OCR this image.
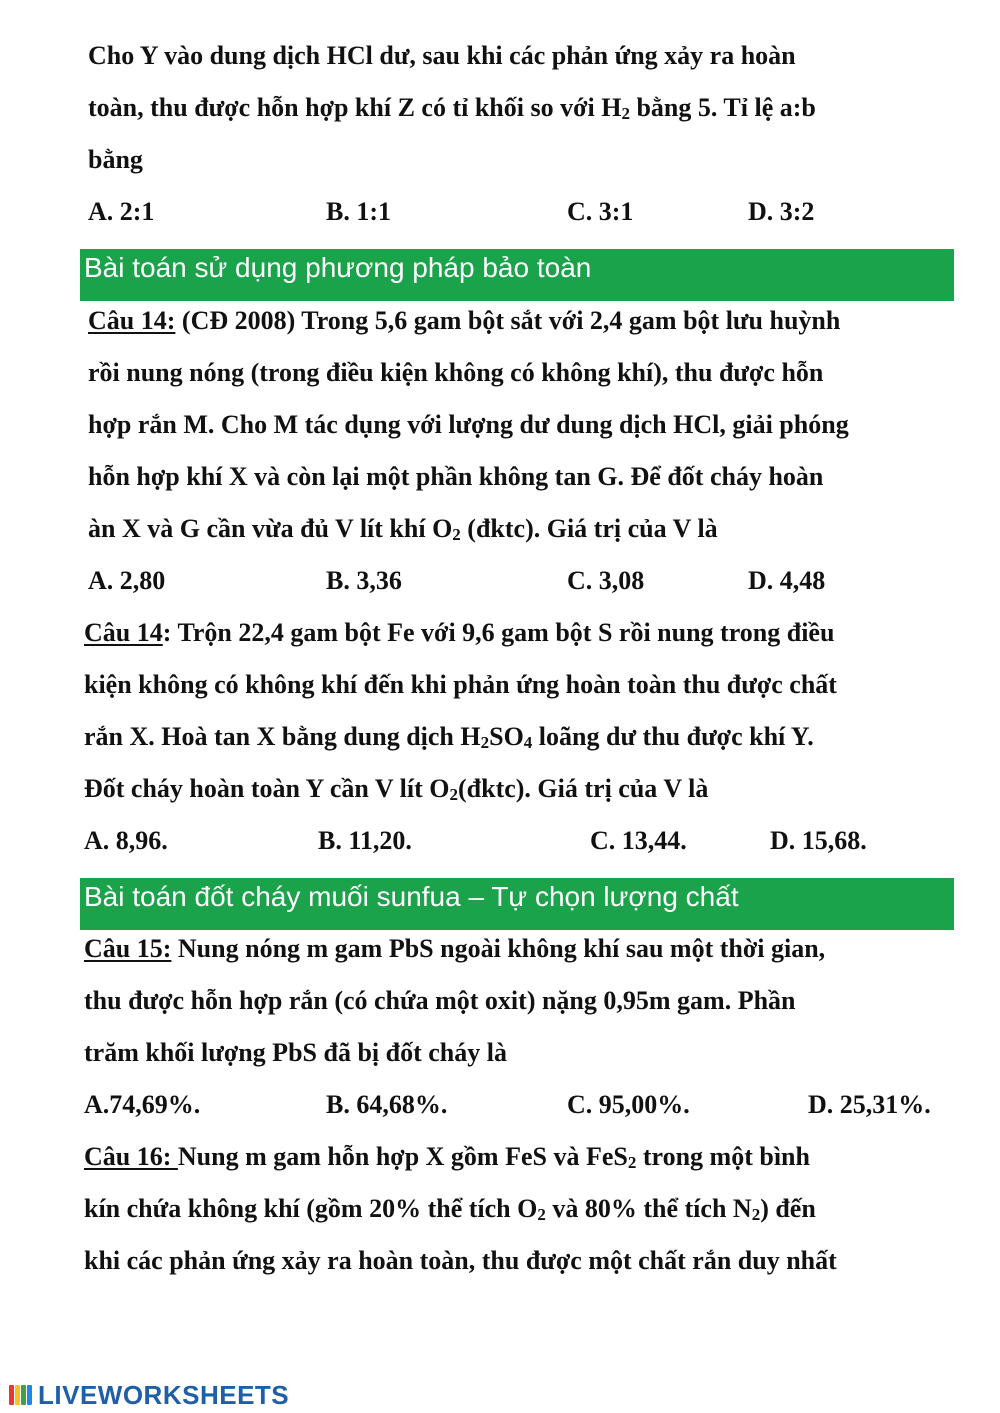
Cho Y vào dung dịch HCl dư, sau khi các phản ứng xảy ra hoàn
toàn, thu được hỗn hợp khí Z có tỉ khối so với $H_2$ bằng 5. Tỉ lệ a:b
bằng
A. 2:1	B. 1:1	C. 3:1	D. 3:2
Bài toán sử dụng phương pháp bảo toàn
Câu 14: (CĐ 2008) Trong 5,6 gam bột sắt với 2,4 gam bột lưu huỳnh
rồi nung nóng (trong điều kiện không có không khí), thu được hỗn
hợp rắn M. Cho M tác dụng với lượng dư dung dịch HCl, giải phóng
hỗn hợp khí X và còn lại một phần không tan G. Để đốt cháy hoàn
àn X và G cần vừa đủ V lít khí $O_2$ (đktc). Giá trị của V là
A. 2,80	B. 3,36	C. 3,08	D. 4,48
Câu 14: Trộn 22,4 gam bột Fe với 9,6 gam bột S rồi nung trong điều
kiện không có không khí đến khi phản ứng hoàn toàn thu được chất
rắn X. Hoà tan X bằng dung dịch $H_2SO_4$ loãng dư thu được khí Y.
Đốt cháy hoàn toàn Y cần V lít $O_2(đktc)$. Giá trị của V là
A. 8,96.	B. 11,20.	C. 13,44.	D. 15,68.
Bài toán đốt cháy muối sunfua – Tự chọn lượng chất
Câu 15: Nung nóng m gam PbS ngoài không khí sau một thời gian,
thu được hỗn hợp rắn (có chứa một oxit) nặng 0,95m gam. Phần
trăm khối lượng PbS đã bị đốt cháy là
A.74,69%.	B. 64,68%.	C. 95,00%.	D. 25,31%.
Câu 16: Nung m gam hỗn hợp X gồm FeS và FeS$_2$ trong một bình
kín chứa không khí (gồm 20% thể tích $O_2$ và 80% thể tích $N_2$) đến
khi các phản ứng xảy ra hoàn toàn, thu được một chất rắn duy nhất
LIVEWORKSHEETS
